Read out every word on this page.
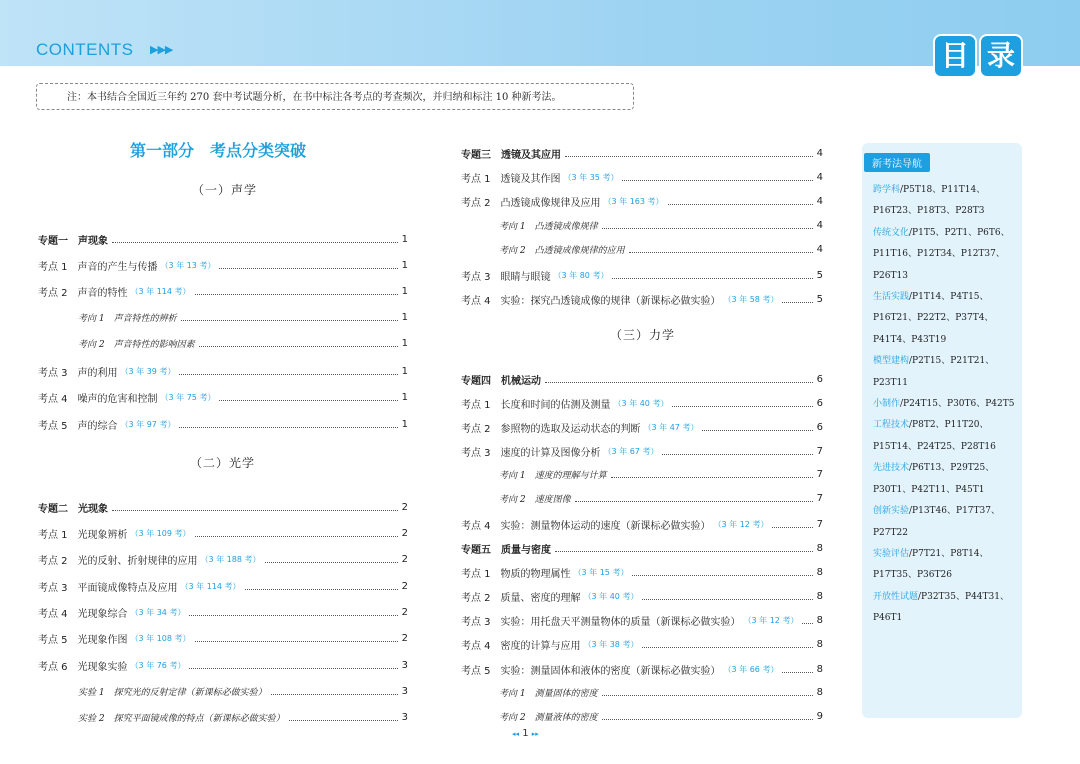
CONTENTS ▶▶▶	目 录
注：本书结合全国近三年约 270 套中考试题分析，在书中标注各考点的考查频次，并归纳和标注 10 种新考法。
第一部分　考点分类突破
（一）声学
（二）光学
（三）力学
专题一　声现象	1
考点 1　声音的产生与传播 （3 年 13 考）	1
考点 2　声音的特性 （3 年 114 考）	1
考向 1　声音特性的辨析	1
考向 2　声音特性的影响因素	1
考点 3　声的利用 （3 年 39 考）	1
考点 4　噪声的危害和控制 （3 年 75 考）	1
考点 5　声的综合 （3 年 97 考）	1
专题二　光现象	2
考点 1　光现象辨析 （3 年 109 考）	2
考点 2　光的反射、折射规律的应用 （3 年 188 考）	2
考点 3　平面镜成像特点及应用 （3 年 114 考）	2
考点 4　光现象综合 （3 年 34 考）	2
考点 5　光现象作图 （3 年 108 考）	2
考点 6　光现象实验 （3 年 76 考）	3
实验 1　探究光的反射定律（新课标必做实验）	3
实验 2　探究平面镜成像的特点（新课标必做实验）	3
专题三　透镜及其应用	4
考点 1　透镜及其作图 （3 年 35 考）	4
考点 2　凸透镜成像规律及应用 （3 年 163 考）	4
考向 1　凸透镜成像规律	4
考向 2　凸透镜成像规律的应用	4
考点 3　眼睛与眼镜 （3 年 80 考）	5
考点 4　实验：探究凸透镜成像的规律（新课标必做实验） （3 年 58 考）	5
专题四　机械运动	6
考点 1　长度和时间的估测及测量 （3 年 40 考）	6
考点 2　参照物的选取及运动状态的判断 （3 年 47 考）	6
考点 3　速度的计算及图像分析 （3 年 67 考）	7
考向 1　速度的理解与计算	7
考向 2　速度图像	7
考点 4　实验：测量物体运动的速度（新课标必做实验） （3 年 12 考）	7
专题五　质量与密度	8
考点 1　物质的物理属性 （3 年 15 考）	8
考点 2　质量、密度的理解 （3 年 40 考）	8
考点 3　实验：用托盘天平测量物体的质量（新课标必做实验） （3 年 12 考） 8
考点 4　密度的计算与应用 （3 年 38 考）	8
考点 5　实验：测量固体和液体的密度（新课标必做实验） （3 年 66 考）	8
考向 1　测量固体的密度	8
考向 2　测量液体的密度	9
新考法导航
跨学科/P5T18、P11T14、P16T23、P18T3、P28T3
传统文化/P1T5、P2T1、P6T6、P11T16、P12T34、P12T37、P26T13
生活实践/P1T14、P4T15、P16T21、P22T2、P37T4、P41T4、P43T19
模型建构/P2T15、P21T21、P23T11
小制作/P24T15、P30T6、P42T5
工程技术/P8T2、P11T20、P15T14、P24T25、P28T16
先进技术/P6T13、P29T25、P30T1、P42T11、P45T1
创新实验/P13T46、P17T37、P27T22
实验评估/P7T21、P8T14、P17T35、P36T26
开放性试题/P32T35、P44T31、P46T1
◂◂ 1 ▸▸
